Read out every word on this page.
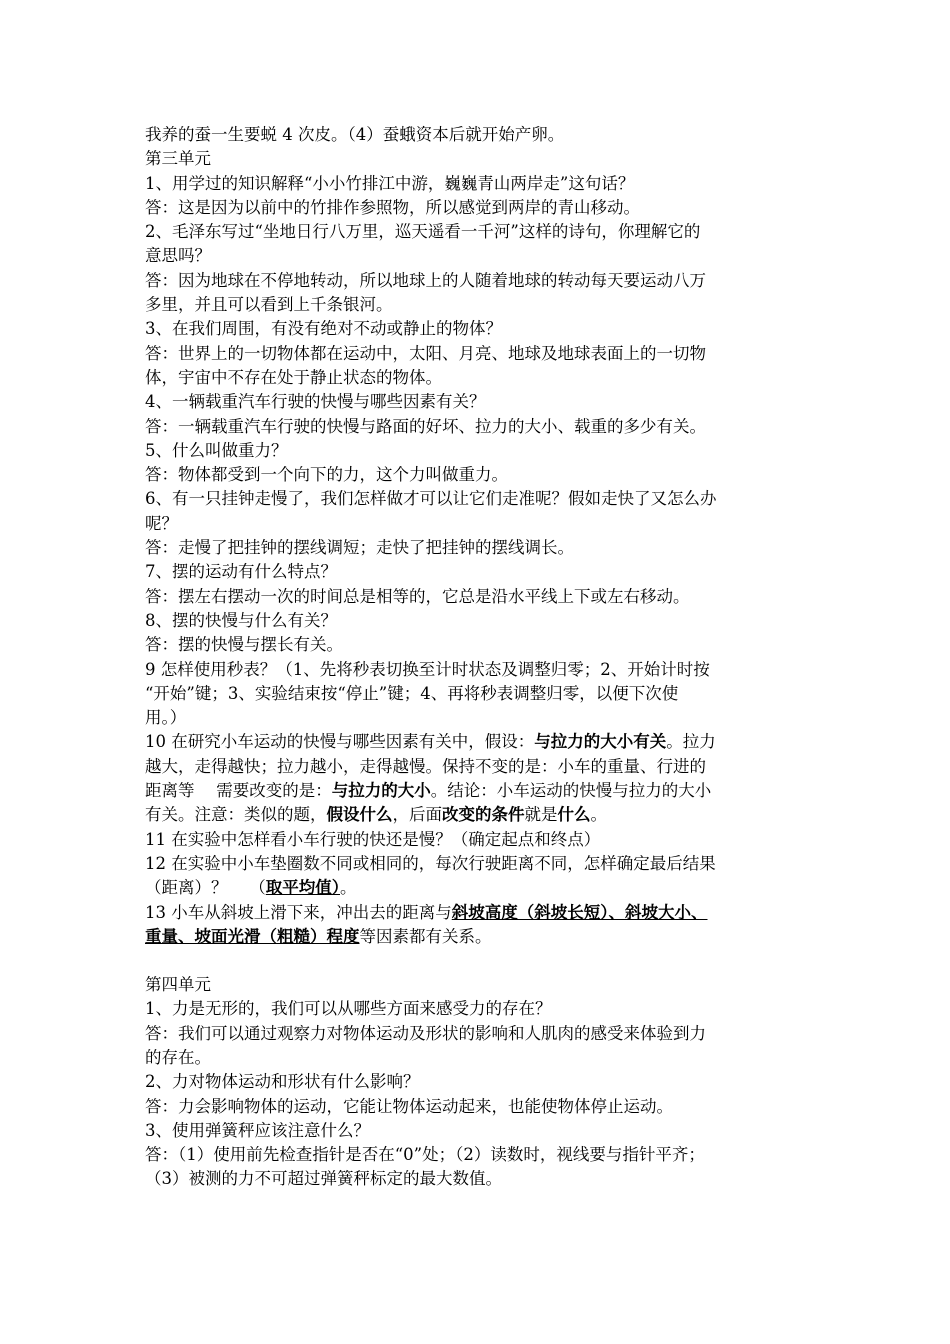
我养的蚕一生要蜕 4 次皮。（4）蚕蛾资本后就开始产卵。
第三单元
1、用学过的知识解释“小小竹排江中游，巍巍青山两岸走”这句话？
答：这是因为以前中的竹排作参照物，所以感觉到两岸的青山移动。
2、毛泽东写过“坐地日行八万里，巡天遥看一千河”这样的诗句，你理解它的
意思吗？
答：因为地球在不停地转动，所以地球上的人随着地球的转动每天要运动八万
多里，并且可以看到上千条银河。
3、在我们周围，有没有绝对不动或静止的物体？
答：世界上的一切物体都在运动中，太阳、月亮、地球及地球表面上的一切物
体，宇宙中不存在处于静止状态的物体。
4、一辆载重汽车行驶的快慢与哪些因素有关？
答：一辆载重汽车行驶的快慢与路面的好坏、拉力的大小、载重的多少有关。
5、什么叫做重力？
答：物体都受到一个向下的力，这个力叫做重力。
6、有一只挂钟走慢了，我们怎样做才可以让它们走准呢？假如走快了又怎么办
呢？
答：走慢了把挂钟的摆线调短；走快了把挂钟的摆线调长。
7、摆的运动有什么特点？
答：摆左右摆动一次的时间总是相等的，它总是沿水平线上下或左右移动。
8、摆的快慢与什么有关？
答：摆的快慢与摆长有关。
9 怎样使用秒表？（1、先将秒表切换至计时状态及调整归零；2、开始计时按
“开始”键；3、实验结束按“停止”键；4、再将秒表调整归零，以便下次使
用。）
10 在研究小车运动的快慢与哪些因素有关中，假设：与拉力的大小有关。拉力
越大，走得越快；拉力越小，走得越慢。保持不变的是：小车的重量、行进的
距离等　 需要改变的是：与拉力的大小。结论：小车运动的快慢与拉力的大小
有关。注意：类似的题，假设什么，后面改变的条件就是什么。
11 在实验中怎样看小车行驶的快还是慢？（确定起点和终点）
12 在实验中小车垫圈数不同或相同的，每次行驶距离不同，怎样确定最后结果
（距离）？　 （取平均值）。
13 小车从斜坡上滑下来，冲出去的距离与斜坡高度（斜坡长短）、斜坡大小、
重量、坡面光滑（粗糙）程度等因素都有关系。
第四单元
1、力是无形的，我们可以从哪些方面来感受力的存在？
答：我们可以通过观察力对物体运动及形状的影响和人肌肉的感受来体验到力
的存在。
2、力对物体运动和形状有什么影响？
答：力会影响物体的运动，它能让物体运动起来，也能使物体停止运动。
3、使用弹簧秤应该注意什么？
答：（1）使用前先检查指针是否在“0”处；（2）读数时，视线要与指针平齐；
（3）被测的力不可超过弹簧秤标定的最大数值。
